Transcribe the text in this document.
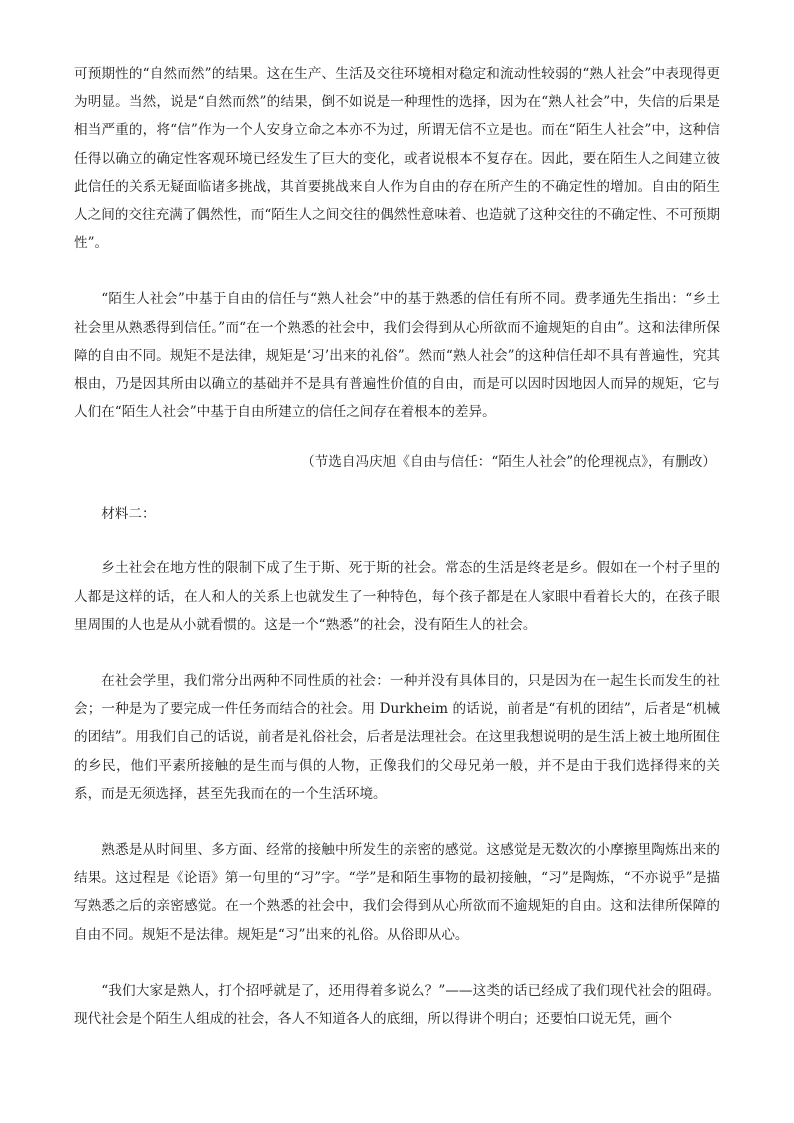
可预期性的“自然而然”的结果。这在生产、生活及交往环境相对稳定和流动性较弱的“熟人社会”中表现得更为明显。当然，说是“自然而然”的结果，倒不如说是一种理性的选择，因为在“熟人社会”中，失信的后果是相当严重的，将“信”作为一个人安身立命之本亦不为过，所谓无信不立是也。而在“陌生人社会”中，这种信任得以确立的确定性客观环境已经发生了巨大的变化，或者说根本不复存在。因此，要在陌生人之间建立彼此信任的关系无疑面临诸多挑战，其首要挑战来自人作为自由的存在所产生的不确定性的增加。自由的陌生人之间的交往充满了偶然性，而“陌生人之间交往的偶然性意味着、也造就了这种交往的不确定性、不可预期性”。

“陌生人社会”中基于自由的信任与“熟人社会”中的基于熟悉的信任有所不同。费孝通先生指出：“乡土社会里从熟悉得到信任。”而“在一个熟悉的社会中，我们会得到从心所欲而不逾规矩的自由”。这和法律所保障的自由不同。规矩不是法律，规矩是‘习’出来的礼俗”。然而“熟人社会”的这种信任却不具有普遍性，究其根由，乃是因其所由以确立的基础并不是具有普遍性价值的自由，而是可以因时因地因人而异的规矩，它与人们在“陌生人社会”中基于自由所建立的信任之间存在着根本的差异。

（节选自冯庆旭《自由与信任：“陌生人社会”的伦理视点》，有删改）

材料二：

乡土社会在地方性的限制下成了生于斯、死于斯的社会。常态的生活是终老是乡。假如在一个村子里的人都是这样的话，在人和人的关系上也就发生了一种特色，每个孩子都是在人家眼中看着长大的，在孩子眼里周围的人也是从小就看惯的。这是一个“熟悉”的社会，没有陌生人的社会。

在社会学里，我们常分出两种不同性质的社会：一种并没有具体目的，只是因为在一起生长而发生的社会；一种是为了要完成一件任务而结合的社会。用 Durkheim 的话说，前者是“有机的团结”，后者是“机械的团结”。用我们自己的话说，前者是礼俗社会，后者是法理社会。在这里我想说明的是生活上被土地所囿住的乡民，他们平素所接触的是生而与俱的人物，正像我们的父母兄弟一般，并不是由于我们选择得来的关系，而是无须选择，甚至先我而在的一个生活环境。

熟悉是从时间里、多方面、经常的接触中所发生的亲密的感觉。这感觉是无数次的小摩擦里陶炼出来的结果。这过程是《论语》第一句里的“习”字。“学”是和陌生事物的最初接触，“习”是陶炼，“不亦说乎”是描写熟悉之后的亲密感觉。在一个熟悉的社会中，我们会得到从心所欲而不逾规矩的自由。这和法律所保障的自由不同。规矩不是法律。规矩是“习”出来的礼俗。从俗即从心。

“我们大家是熟人，打个招呼就是了，还用得着多说么？”——这类的话已经成了我们现代社会的阻碍。现代社会是个陌生人组成的社会，各人不知道各人的底细，所以得讲个明白；还要怕口说无凭，画个
